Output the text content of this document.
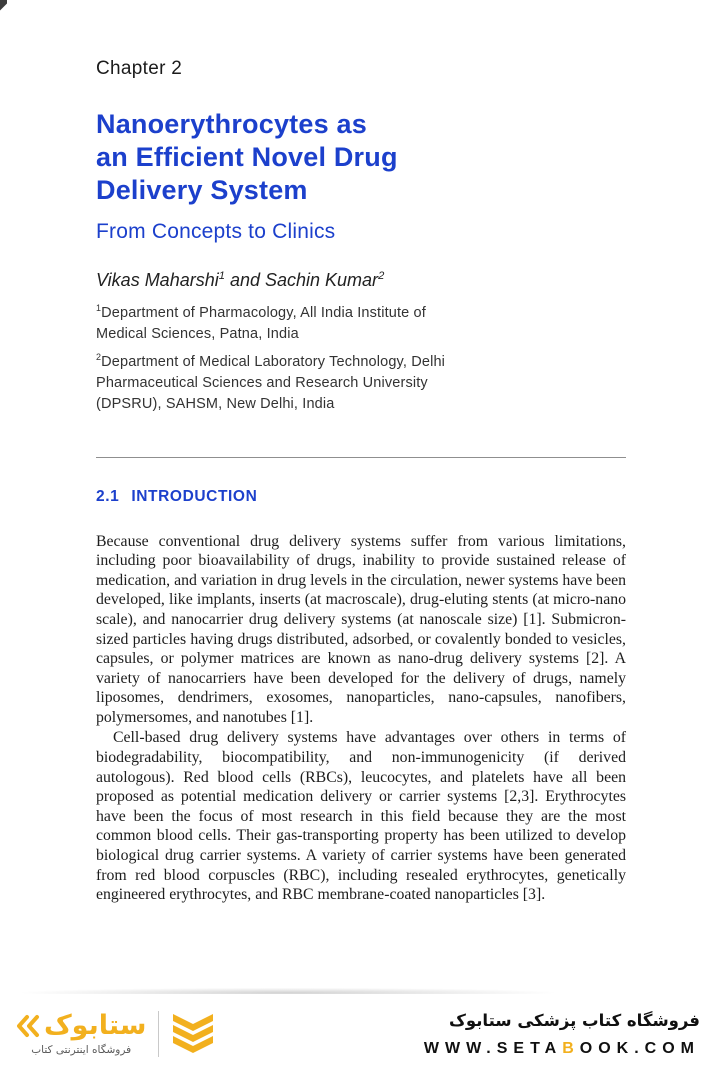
Chapter 2
Nanoerythrocytes as
an Efficient Novel Drug
Delivery System
From Concepts to Clinics
Vikas Maharshi$^1$ and Sachin Kumar$^2$
$^1$Department of Pharmacology, All India Institute of Medical Sciences, Patna, India
$^2$Department of Medical Laboratory Technology, Delhi Pharmaceutical Sciences and Research University (DPSRU), SAHSM, New Delhi, India
2.1 INTRODUCTION

Because conventional drug delivery systems suffer from various limitations, including poor bioavailability of drugs, inability to provide sustained release of medication, and variation in drug levels in the circulation, newer systems have been developed, like implants, inserts (at macroscale), drug-eluting stents (at micro-nano scale), and nanocarrier drug delivery systems (at nanoscale size) [1]. Submicron-sized particles having drugs distributed, adsorbed, or covalently bonded to vesicles, capsules, or polymer matrices are known as nano-drug delivery systems [2]. A variety of nanocarriers have been developed for the delivery of drugs, namely liposomes, dendrimers, exosomes, nanoparticles, nano-capsules, nanofibers, polymersomes, and nanotubes [1].

Cell-based drug delivery systems have advantages over others in terms of biodegradability, biocompatibility, and non-immunogenicity (if derived autologous). Red blood cells (RBCs), leucocytes, and platelets have all been proposed as potential medication delivery or carrier systems [2,3]. Erythrocytes have been the focus of most research in this field because they are the most common blood cells. Their gas-transporting property has been utilized to develop biological drug carrier systems. A variety of carrier systems have been generated from red blood corpuscles (RBC), including resealed erythrocytes, genetically engineered erythrocytes, and RBC membrane-coated nanoparticles [3].

ستابوک
فروشگاه اینترنتی کتاب
فروشگاه کتاب پزشکی ستابوک
WWW.SETABOOK.COM
